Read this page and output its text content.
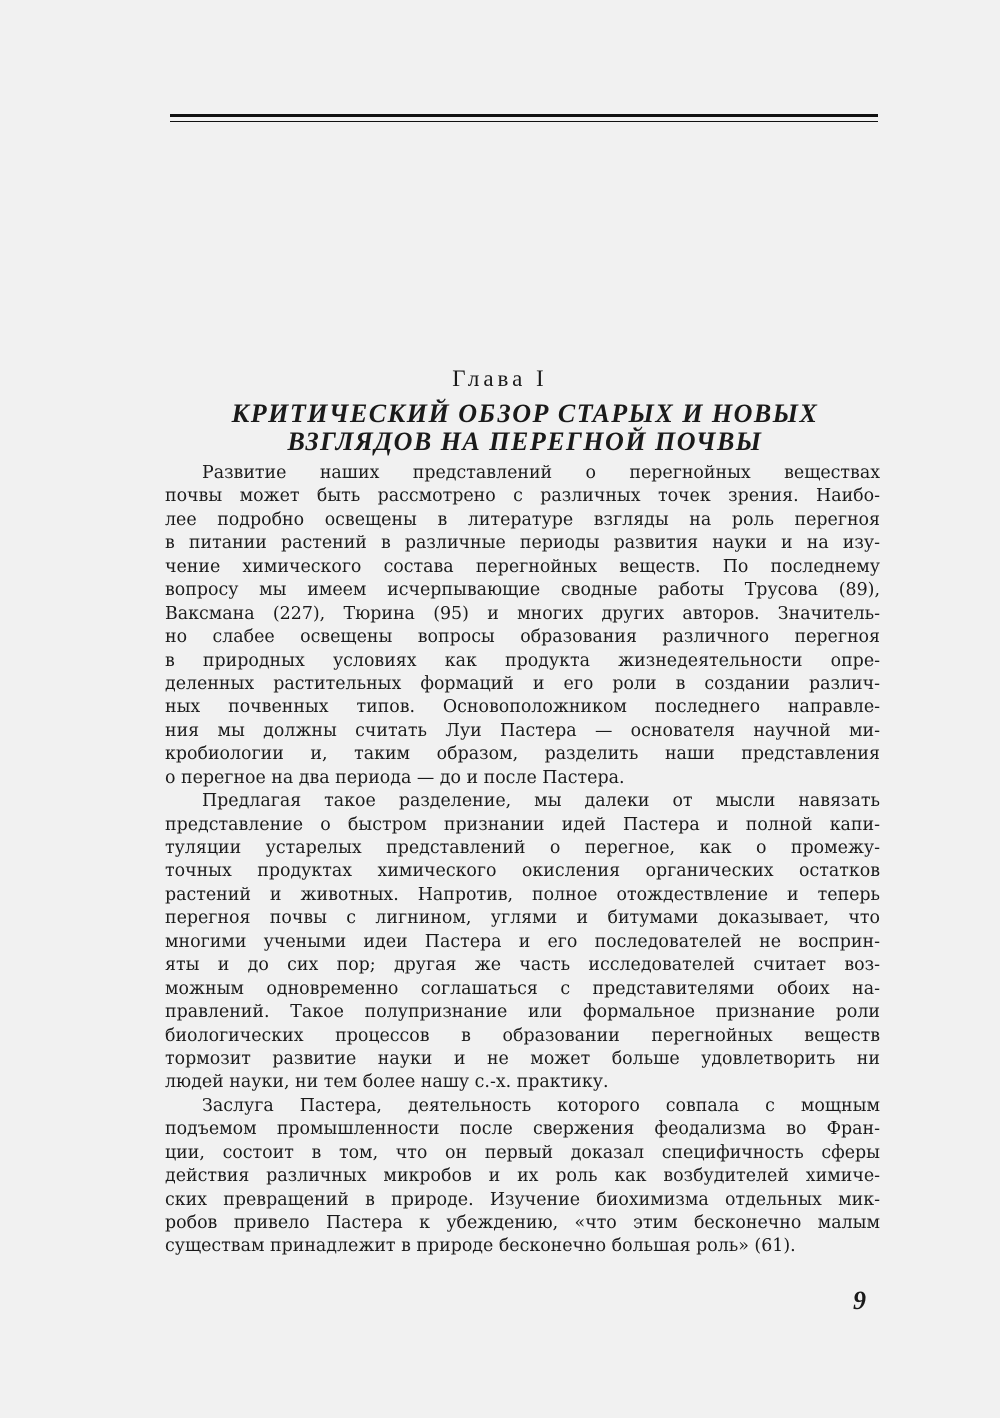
Глава I
КРИТИЧЕСКИЙ ОБЗОР СТАРЫХ И НОВЫХ
ВЗГЛЯДОВ НА ПЕРЕГНОЙ ПОЧВЫ
Развитие наших представлений о перегнойных веществах
почвы может быть рассмотрено с различных точек зрения. Наибо-
лее подробно освещены в литературе взгляды на роль перегноя
в питании растений в различные периоды развития науки и на изу-
чение химического состава перегнойных веществ. По последнему
вопросу мы имеем исчерпывающие сводные работы Трусова (89),
Ваксмана (227), Тюрина (95) и многих других авторов. Значитель-
но слабее освещены вопросы образования различного перегноя
в природных условиях как продукта жизнедеятельности опре-
деленных растительных формаций и его роли в создании различ-
ных почвенных типов. Основоположником последнего направле-
ния мы должны считать Луи Пастера — основателя научной ми-
кробиологии и, таким образом, разделить наши представления
о перегное на два периода — до и после Пастера.
Предлагая такое разделение, мы далеки от мысли навязать
представление о быстром признании идей Пастера и полной капи-
туляции устарелых представлений о перегное, как о промежу-
точных продуктах химического окисления органических остатков
растений и животных. Напротив, полное отождествление и теперь
перегноя почвы с лигнином, углями и битумами доказывает, что
многими учеными идеи Пастера и его последователей не восприн-
яты и до сих пор; другая же часть исследователей считает воз-
можным одновременно соглашаться с представителями обоих на-
правлений. Такое полупризнание или формальное признание роли
биологических процессов в образовании перегнойных веществ
тормозит развитие науки и не может больше удовлетворить ни
людей науки, ни тем более нашу с.-х. практику.
Заслуга Пастера, деятельность которого совпала с мощным
подъемом промышленности после свержения феодализма во Фран-
ции, состоит в том, что он первый доказал специфичность сферы
действия различных микробов и их роль как возбудителей химиче-
ских превращений в природе. Изучение биохимизма отдельных мик-
робов привело Пастера к убеждению, «что этим бесконечно малым
существам принадлежит в природе бесконечно большая роль» (61).
9
